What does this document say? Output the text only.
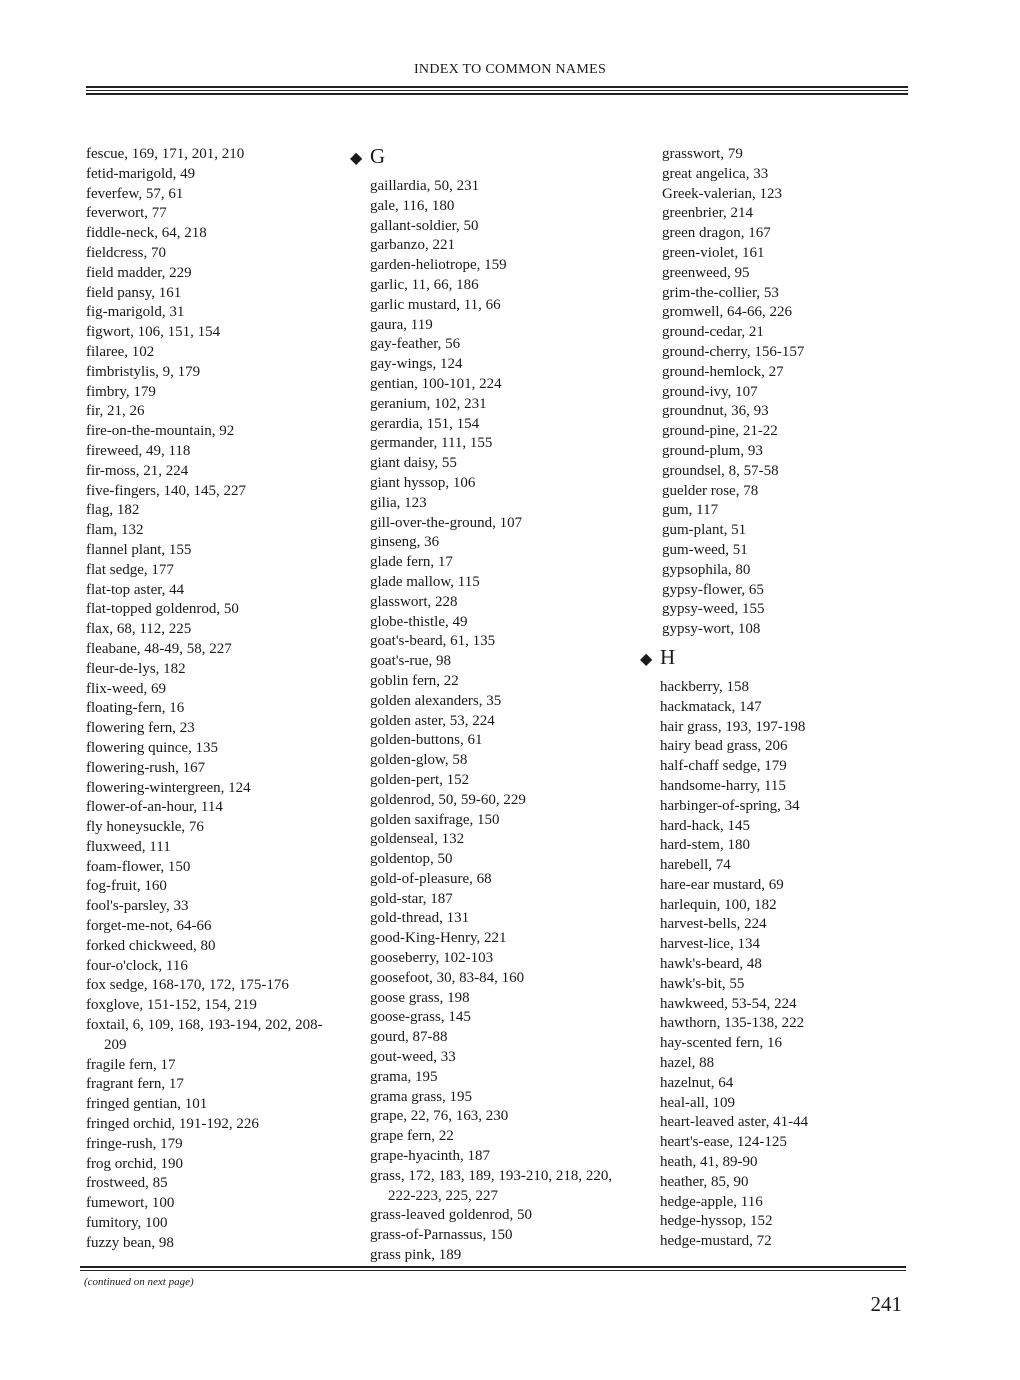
INDEX TO COMMON NAMES
fescue, 169, 171, 201, 210
fetid-marigold, 49
feverfew, 57, 61
feverwort, 77
fiddle-neck, 64, 218
fieldcress, 70
field madder, 229
field pansy, 161
fig-marigold, 31
figwort, 106, 151, 154
filaree, 102
fimbristylis, 9, 179
fimbry, 179
fir, 21, 26
fire-on-the-mountain, 92
fireweed, 49, 118
fir-moss, 21, 224
five-fingers, 140, 145, 227
flag, 182
flam, 132
flannel plant, 155
flat sedge, 177
flat-top aster, 44
flat-topped goldenrod, 50
flax, 68, 112, 225
fleabane, 48-49, 58, 227
fleur-de-lys, 182
flix-weed, 69
floating-fern, 16
flowering fern, 23
flowering quince, 135
flowering-rush, 167
flowering-wintergreen, 124
flower-of-an-hour, 114
fly honeysuckle, 76
fluxweed, 111
foam-flower, 150
fog-fruit, 160
fool's-parsley, 33
forget-me-not, 64-66
forked chickweed, 80
four-o'clock, 116
fox sedge, 168-170, 172, 175-176
foxglove, 151-152, 154, 219
foxtail, 6, 109, 168, 193-194, 202, 208-209
fragile fern, 17
fragrant fern, 17
fringed gentian, 101
fringed orchid, 191-192, 226
fringe-rush, 179
frog orchid, 190
frostweed, 85
fumewort, 100
fumitory, 100
fuzzy bean, 98
◆ G
gaillardia, 50, 231
gale, 116, 180
gallant-soldier, 50
garbanzo, 221
garden-heliotrope, 159
garlic, 11, 66, 186
garlic mustard, 11, 66
gaura, 119
gay-feather, 56
gay-wings, 124
gentian, 100-101, 224
geranium, 102, 231
gerardia, 151, 154
germander, 111, 155
giant daisy, 55
giant hyssop, 106
gilia, 123
gill-over-the-ground, 107
ginseng, 36
glade fern, 17
glade mallow, 115
glasswort, 228
globe-thistle, 49
goat's-beard, 61, 135
goat's-rue, 98
goblin fern, 22
golden alexanders, 35
golden aster, 53, 224
golden-buttons, 61
golden-glow, 58
golden-pert, 152
goldenrod, 50, 59-60, 229
golden saxifrage, 150
goldenseal, 132
goldentop, 50
gold-of-pleasure, 68
gold-star, 187
gold-thread, 131
good-King-Henry, 221
gooseberry, 102-103
goosefoot, 30, 83-84, 160
goose grass, 198
goose-grass, 145
gourd, 87-88
gout-weed, 33
grama, 195
grama grass, 195
grape, 22, 76, 163, 230
grape fern, 22
grape-hyacinth, 187
grass, 172, 183, 189, 193-210, 218, 220, 222-223, 225, 227
grass-leaved goldenrod, 50
grass-of-Parnassus, 150
grass pink, 189
grasswort, 79
great angelica, 33
Greek-valerian, 123
greenbrier, 214
green dragon, 167
green-violet, 161
greenweed, 95
grim-the-collier, 53
gromwell, 64-66, 226
ground-cedar, 21
ground-cherry, 156-157
ground-hemlock, 27
ground-ivy, 107
groundnut, 36, 93
ground-pine, 21-22
ground-plum, 93
groundsel, 8, 57-58
guelder rose, 78
gum, 117
gum-plant, 51
gum-weed, 51
gypsophila, 80
gypsy-flower, 65
gypsy-weed, 155
gypsy-wort, 108
◆ H
hackberry, 158
hackmatack, 147
hair grass, 193, 197-198
hairy bead grass, 206
half-chaff sedge, 179
handsome-harry, 115
harbinger-of-spring, 34
hard-hack, 145
hard-stem, 180
harebell, 74
hare-ear mustard, 69
harlequin, 100, 182
harvest-bells, 224
harvest-lice, 134
hawk's-beard, 48
hawk's-bit, 55
hawkweed, 53-54, 224
hawthorn, 135-138, 222
hay-scented fern, 16
hazel, 88
hazelnut, 64
heal-all, 109
heart-leaved aster, 41-44
heart's-ease, 124-125
heath, 41, 89-90
heather, 85, 90
hedge-apple, 116
hedge-hyssop, 152
hedge-mustard, 72
(continued on next page)
241
